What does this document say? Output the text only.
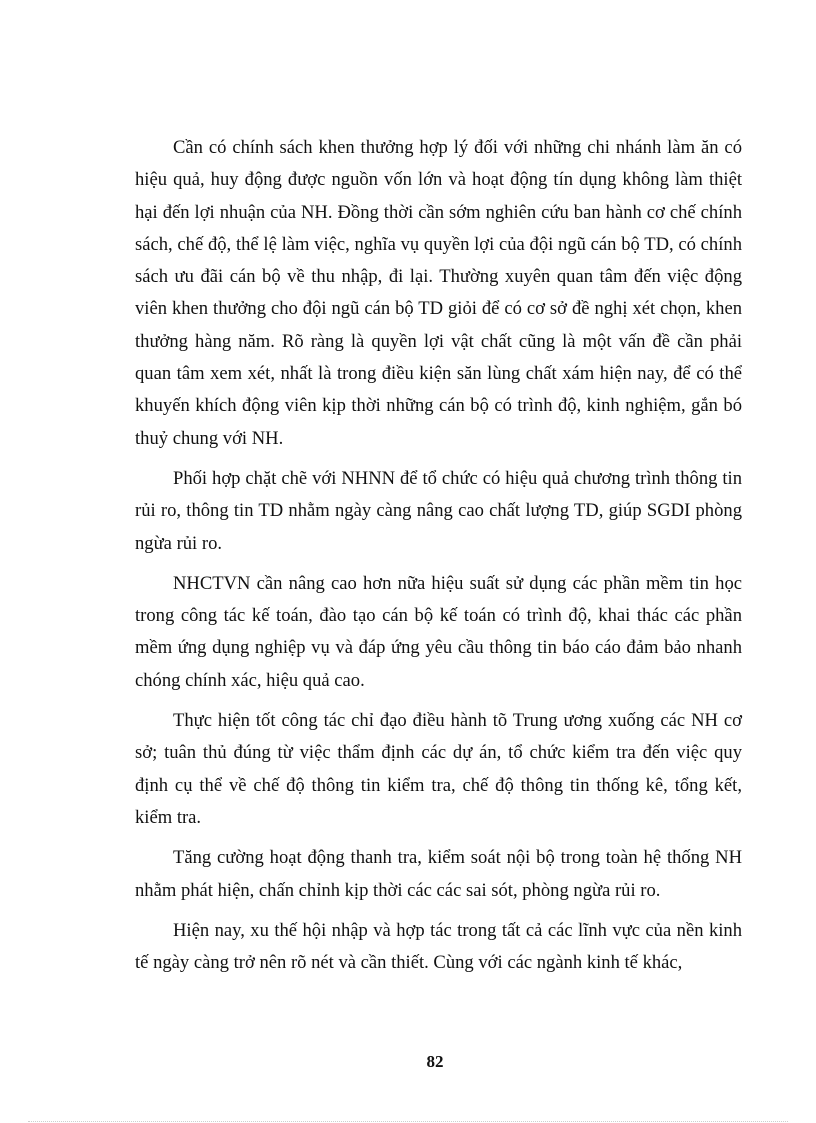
Cần có chính sách khen thưởng hợp lý đối với những chi nhánh làm ăn có hiệu quả, huy động được nguồn vốn lớn và hoạt động tín dụng không làm thiệt hại đến lợi nhuận của NH. Đồng thời cần sớm nghiên cứu ban hành cơ chế chính sách, chế độ, thể lệ làm việc, nghĩa vụ quyền lợi của đội ngũ cán bộ TD, có chính sách ưu đãi cán bộ về thu nhập, đi lại. Thường xuyên quan tâm đến việc động viên khen thưởng cho đội ngũ cán bộ TD giỏi để có cơ sở đề nghị xét chọn, khen thưởng hàng năm. Rõ ràng là quyền lợi vật chất cũng là một vấn đề cần phải quan tâm xem xét, nhất là trong điều kiện săn lùng chất xám hiện nay, để có thể khuyến khích động viên kịp thời những cán bộ có trình độ, kinh nghiệm, gắn bó thuỷ chung với NH.

Phối hợp chặt chẽ với NHNN để tổ chức có hiệu quả chương trình thông tin rủi ro, thông tin TD nhằm ngày càng nâng cao chất lượng TD, giúp SGDI phòng ngừa rủi ro.

NHCTVN cần nâng cao hơn nữa hiệu suất sử dụng các phần mềm tin học trong công tác kế toán, đào tạo cán bộ kế toán có trình độ, khai thác các phần mềm ứng dụng nghiệp vụ và đáp ứng yêu cầu thông tin báo cáo đảm bảo nhanh chóng chính xác, hiệu quả cao.

Thực hiện tốt công tác chỉ đạo điều hành tõ Trung ương xuống các NH cơ sở; tuân thủ đúng từ việc thẩm định các dự án, tổ chức kiểm tra đến việc quy định cụ thể về chế độ thông tin kiểm tra, chế độ thông tin thống kê, tổng kết, kiểm tra.

Tăng cường hoạt động thanh tra, kiểm soát nội bộ trong toàn hệ thống NH nhằm phát hiện, chấn chỉnh kịp thời các các sai sót, phòng ngừa rủi ro.

Hiện nay, xu thế hội nhập và hợp tác trong tất cả các lĩnh vực của nền kinh tế ngày càng trở nên rõ nét và cần thiết. Cùng với các ngành kinh tế khác,

82
